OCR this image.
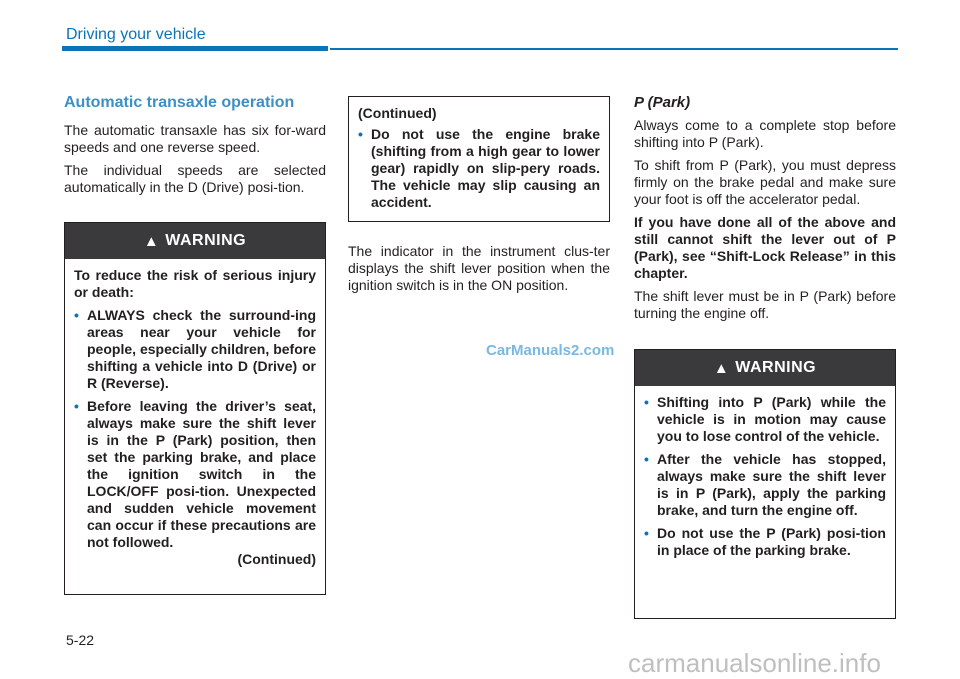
Driving your vehicle
Automatic transaxle operation

The automatic transaxle has six for-ward speeds and one reverse speed.

The individual speeds are selected automatically in the D (Drive) posi-tion.

▲ WARNING

To reduce the risk of serious injury or death:

• ALWAYS check the surround-ing areas near your vehicle for people, especially children, before shifting a vehicle into D (Drive) or R (Reverse).

• Before leaving the driver’s seat, always make sure the shift lever is in the P (Park) position, then set the parking brake, and place the ignition switch in the LOCK/OFF posi-tion. Unexpected and sudden vehicle movement can occur if these precautions are not followed.

(Continued)

(Continued)

• Do not use the engine brake (shifting from a high gear to lower gear) rapidly on slip-pery roads. The vehicle may slip causing an accident.

The indicator in the instrument clus-ter displays the shift lever position when the ignition switch is in the ON position.

CarManuals2.com
P (Park)

Always come to a complete stop before shifting into P (Park).

To shift from P (Park), you must depress firmly on the brake pedal and make sure your foot is off the accelerator pedal.

If you have done all of the above and still cannot shift the lever out of P (Park), see “Shift-Lock Release” in this chapter.

The shift lever must be in P (Park) before turning the engine off.

▲ WARNING

• Shifting into P (Park) while the vehicle is in motion may cause you to lose control of the vehicle.

• After the vehicle has stopped, always make sure the shift lever is in P (Park), apply the parking brake, and turn the engine off.

• Do not use the P (Park) posi-tion in place of the parking brake.

5-22
carmanualsonline.info
